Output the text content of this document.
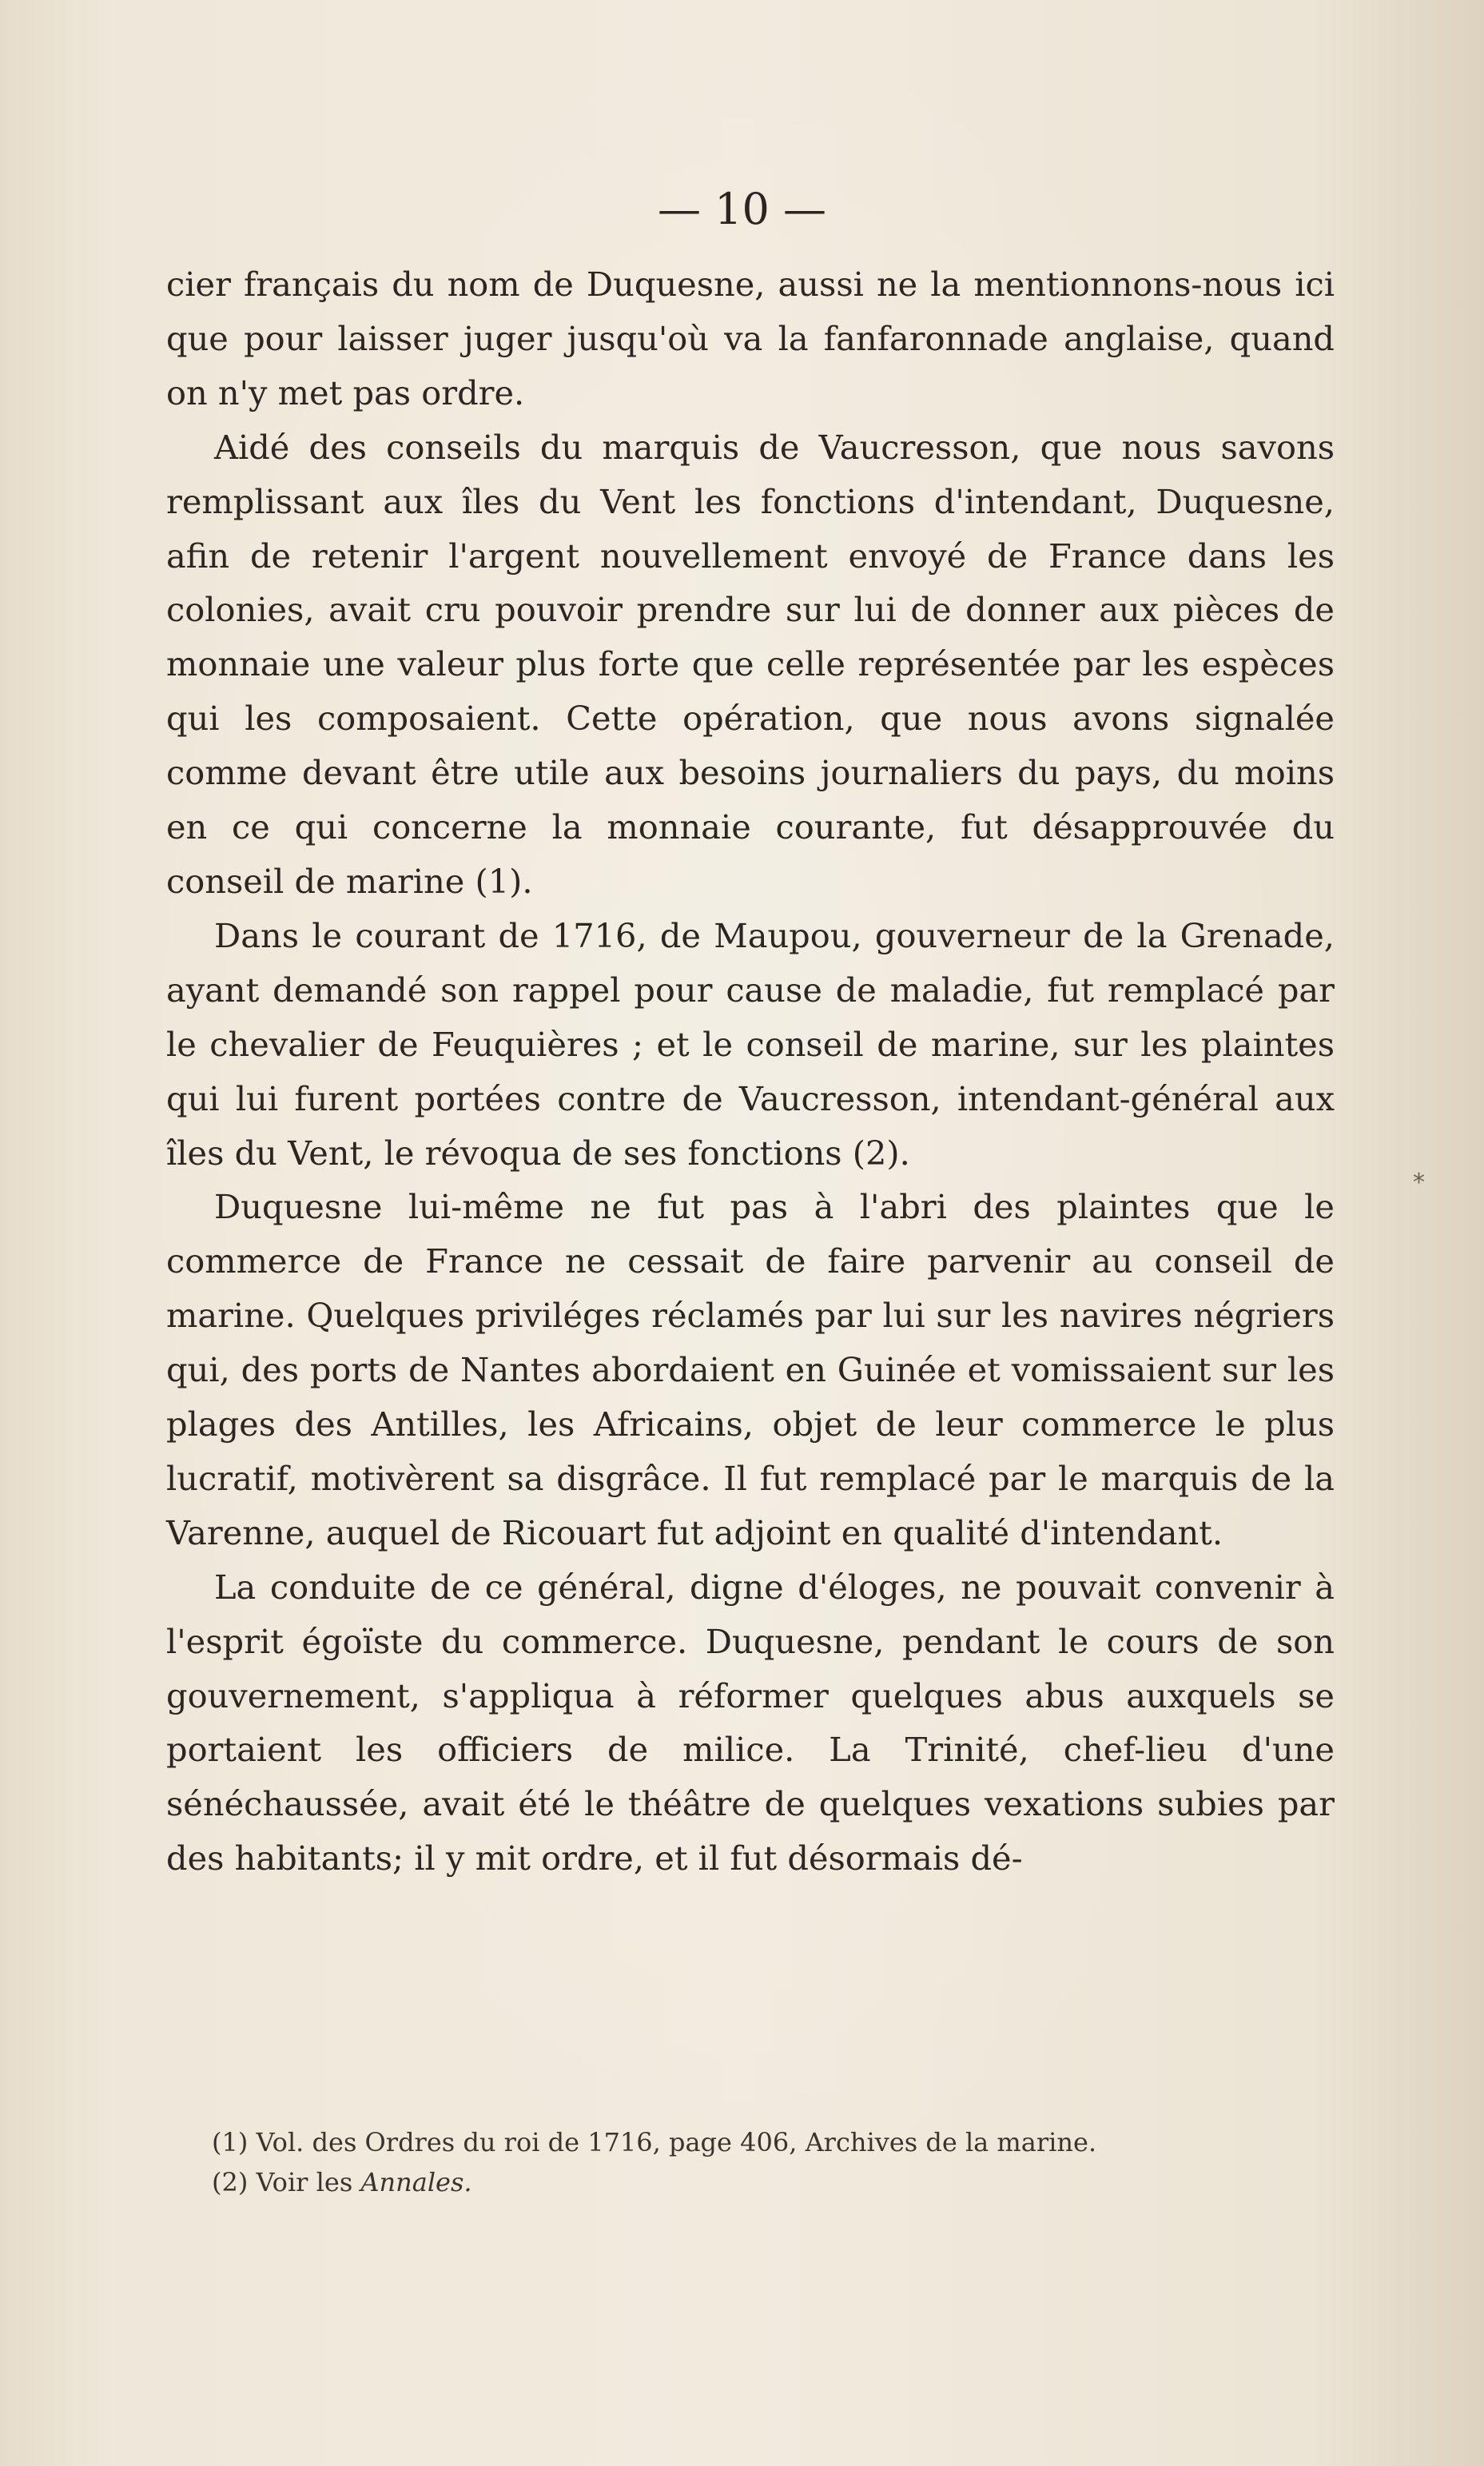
— 10 —

cier français du nom de Duquesne, aussi ne la mentionnons-nous ici que pour laisser juger jusqu'où va la fanfaronnade anglaise, quand on n'y met pas ordre.

Aidé des conseils du marquis de Vaucresson, que nous savons remplissant aux îles du Vent les fonctions d'intendant, Duquesne, afin de retenir l'argent nouvellement envoyé de France dans les colonies, avait cru pouvoir prendre sur lui de donner aux pièces de monnaie une valeur plus forte que celle représentée par les espèces qui les composaient. Cette opération, que nous avons signalée comme devant être utile aux besoins journaliers du pays, du moins en ce qui concerne la monnaie courante, fut désapprouvée du conseil de marine (1).

Dans le courant de 1716, de Maupou, gouverneur de la Grenade, ayant demandé son rappel pour cause de maladie, fut remplacé par le chevalier de Feuquières ; et le conseil de marine, sur les plaintes qui lui furent portées contre de Vaucresson, intendant-général aux îles du Vent, le révoqua de ses fonctions (2).

Duquesne lui-même ne fut pas à l'abri des plaintes que le commerce de France ne cessait de faire parvenir au conseil de marine. Quelques priviléges réclamés par lui sur les navires négriers qui, des ports de Nantes abordaient en Guinée et vomissaient sur les plages des Antilles, les Africains, objet de leur commerce le plus lucratif, motivèrent sa disgrâce. Il fut remplacé par le marquis de la Varenne, auquel de Ricouart fut adjoint en qualité d'intendant.

La conduite de ce général, digne d'éloges, ne pouvait convenir à l'esprit égoïste du commerce. Duquesne, pendant le cours de son gouvernement, s'appliqua à réformer quelques abus auxquels se portaient les officiers de milice. La Trinité, chef-lieu d'une sénéchaussée, avait été le théâtre de quelques vexations subies par des habitants; il y mit ordre, et il fut désormais dé-

*

(1) Vol. des Ordres du roi de 1716, page 406, Archives de la marine.

(2) Voir les Annales.
